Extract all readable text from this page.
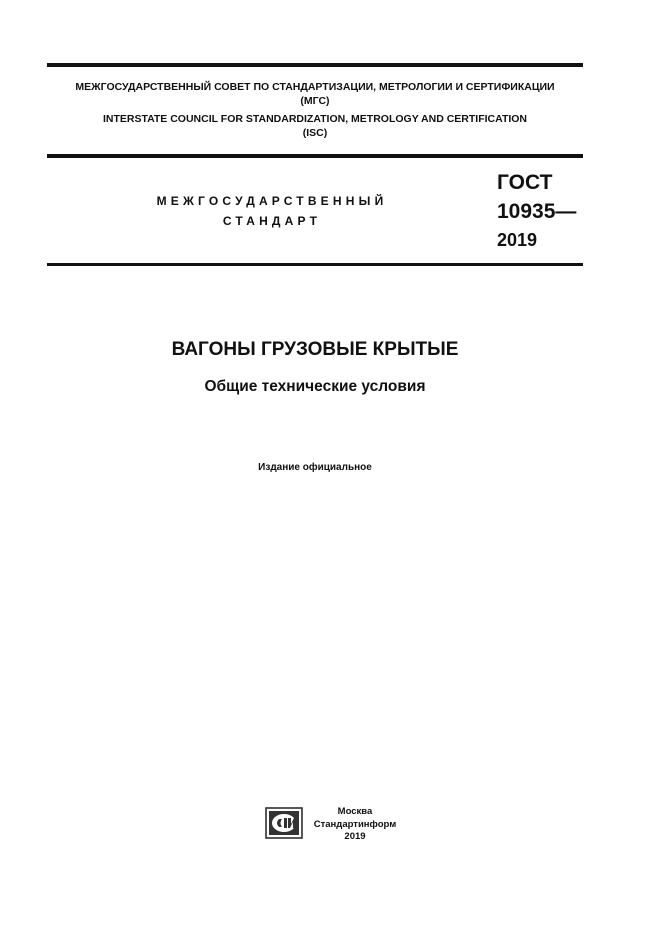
МЕЖГОСУДАРСТВЕННЫЙ СОВЕТ ПО СТАНДАРТИЗАЦИИ, МЕТРОЛОГИИ И СЕРТИФИКАЦИИ
(МГС)
INTERSTATE COUNCIL FOR STANDARDIZATION, METROLOGY AND CERTIFICATION
(ISC)
МЕЖГОСУДАРСТВЕННЫЙ
СТАНДАРТ
ГОСТ
10935—
2019
ВАГОНЫ ГРУЗОВЫЕ КРЫТЫЕ
Общие технические условия
Издание официальное
Москва
Стандартинформ
2019
